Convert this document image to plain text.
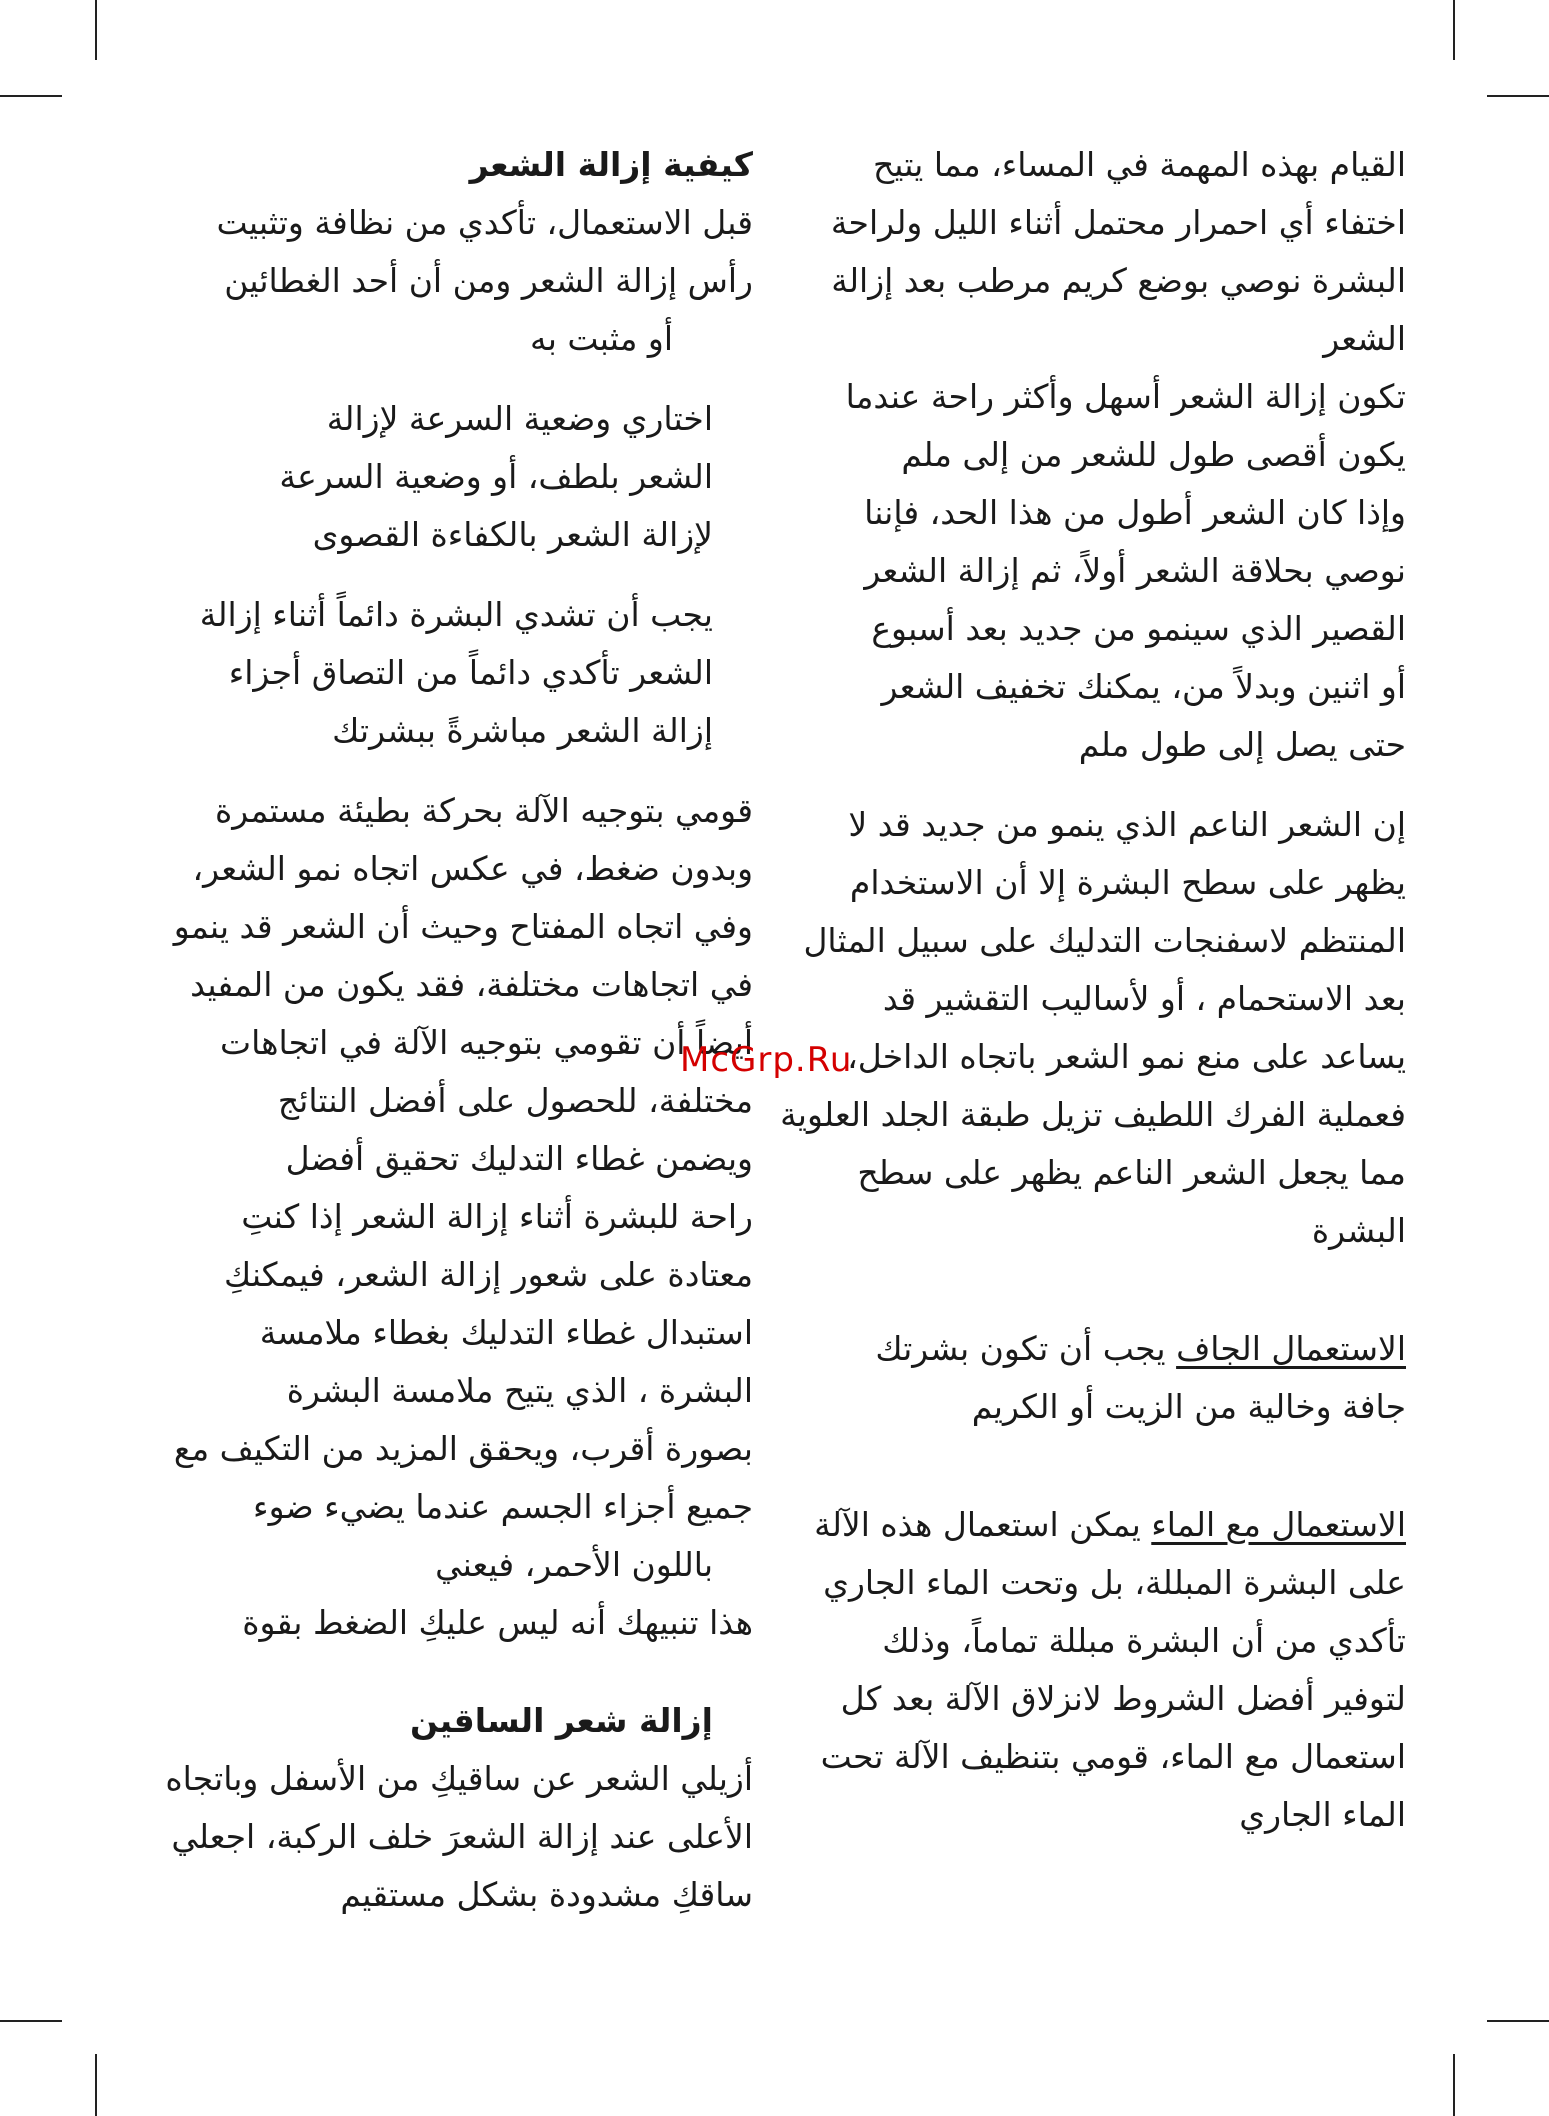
القيام بهذه المهمة في المساء، مما يتيح
اختفاء أي احمرار محتمل أثناء الليل ولراحة
البشرة نوصي بوضع كريم مرطب بعد إزالة
الشعر
تكون إزالة الشعر أسهل وأكثر راحة عندما
يكون أقصى طول للشعر من إلى ملم
وإذا كان الشعر أطول من هذا الحد، فإننا
نوصي بحلاقة الشعر أولاً، ثم إزالة الشعر
القصير الذي سينمو من جديد بعد أسبوع
أو اثنين وبدلاً من، يمكنك تخفيف الشعر
حتى يصل إلى طول ملم
إن الشعر الناعم الذي ينمو من جديد قد لا
يظهر على سطح البشرة إلا أن الاستخدام
المنتظم لاسفنجات التدليك على سبيل المثال
بعد الاستحمام ، أو لأساليب التقشير قد
يساعد على منع نمو الشعر باتجاه الداخل،
فعملية الفرك اللطيف تزيل طبقة الجلد العلوية
مما يجعل الشعر الناعم يظهر على سطح
البشرة
الاستعمال الجاف يجب أن تكون بشرتك
جافة وخالية من الزيت أو الكريم
الاستعمال مع الماء يمكن استعمال هذه الآلة
على البشرة المبللة، بل وتحت الماء الجاري
تأكدي من أن البشرة مبللة تماماً، وذلك
لتوفير أفضل الشروط لانزلاق الآلة بعد كل
استعمال مع الماء، قومي بتنظيف الآلة تحت
الماء الجاري
كيفية إزالة الشعر
قبل الاستعمال، تأكدي من نظافة وتثبيت
رأس إزالة الشعر ومن أن أحد الغطائين
أو مثبت به
اختاري وضعية السرعة لإزالة
الشعر بلطف، أو وضعية السرعة
لإزالة الشعر بالكفاءة القصوى
يجب أن تشدي البشرة دائماً أثناء إزالة
الشعر تأكدي دائماً من التصاق أجزاء
إزالة الشعر مباشرةً ببشرتك
قومي بتوجيه الآلة بحركة بطيئة مستمرة
وبدون ضغط، في عكس اتجاه نمو الشعر،
وفي اتجاه المفتاح وحيث أن الشعر قد ينمو
في اتجاهات مختلفة، فقد يكون من المفيد
أيضاً أن تقومي بتوجيه الآلة في اتجاهات
مختلفة، للحصول على أفضل النتائج
ويضمن غطاء التدليك تحقيق أفضل
راحة للبشرة أثناء إزالة الشعر إذا كنتِ
معتادة على شعور إزالة الشعر، فيمكنكِ
استبدال غطاء التدليك بغطاء ملامسة
البشرة ، الذي يتيح ملامسة البشرة
بصورة أقرب، ويحقق المزيد من التكيف مع
جميع أجزاء الجسم عندما يضيء ضوء
باللون الأحمر، فيعني
هذا تنبيهك أنه ليس عليكِ الضغط بقوة
إزالة شعر الساقين
أزيلي الشعر عن ساقيكِ من الأسفل وباتجاه
الأعلى عند إزالة الشعرَ خلف الركبة، اجعلي
ساقكِ مشدودة بشكل مستقيم
McGrp.Ru
